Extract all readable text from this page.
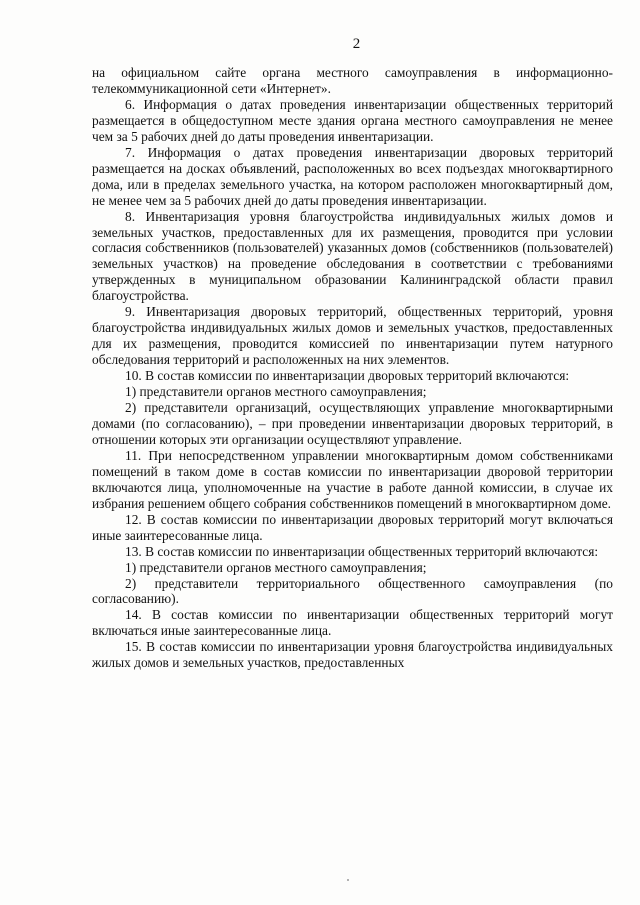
2

на официальном сайте органа местного самоуправления в информационно-телекоммуникационной сети «Интернет».

6. Информация о датах проведения инвентаризации общественных территорий размещается в общедоступном месте здания органа местного самоуправления не менее чем за 5 рабочих дней до даты проведения инвентаризации.

7. Информация о датах проведения инвентаризации дворовых территорий размещается на досках объявлений, расположенных во всех подъездах многоквартирного дома, или в пределах земельного участка, на котором расположен многоквартирный дом, не менее чем за 5 рабочих дней до даты проведения инвентаризации.

8. Инвентаризация уровня благоустройства индивидуальных жилых домов и земельных участков, предоставленных для их размещения, проводится при условии согласия собственников (пользователей) указанных домов (собственников (пользователей) земельных участков) на проведение обследования в соответствии с требованиями утвержденных в муниципальном образовании Калининградской области правил благоустройства.

9. Инвентаризация дворовых территорий, общественных территорий, уровня благоустройства индивидуальных жилых домов и земельных участков, предоставленных для их размещения, проводится комиссией по инвентаризации путем натурного обследования территорий и расположенных на них элементов.

10. В состав комиссии по инвентаризации дворовых территорий включаются:

1) представители органов местного самоуправления;

2) представители организаций, осуществляющих управление многоквартирными домами (по согласованию), – при проведении инвентаризации дворовых территорий, в отношении которых эти организации осуществляют управление.

11. При непосредственном управлении многоквартирным домом собственниками помещений в таком доме в состав комиссии по инвентаризации дворовой территории включаются лица, уполномоченные на участие в работе данной комиссии, в случае их избрания решением общего собрания собственников помещений в многоквартирном доме.

12. В состав комиссии по инвентаризации дворовых территорий могут включаться иные заинтересованные лица.

13. В состав комиссии по инвентаризации общественных территорий включаются:

1) представители органов местного самоуправления;

2) представители территориального общественного самоуправления (по согласованию).

14. В состав комиссии по инвентаризации общественных территорий могут включаться иные заинтересованные лица.

15. В состав комиссии по инвентаризации уровня благоустройства индивидуальных жилых домов и земельных участков, предоставленных
